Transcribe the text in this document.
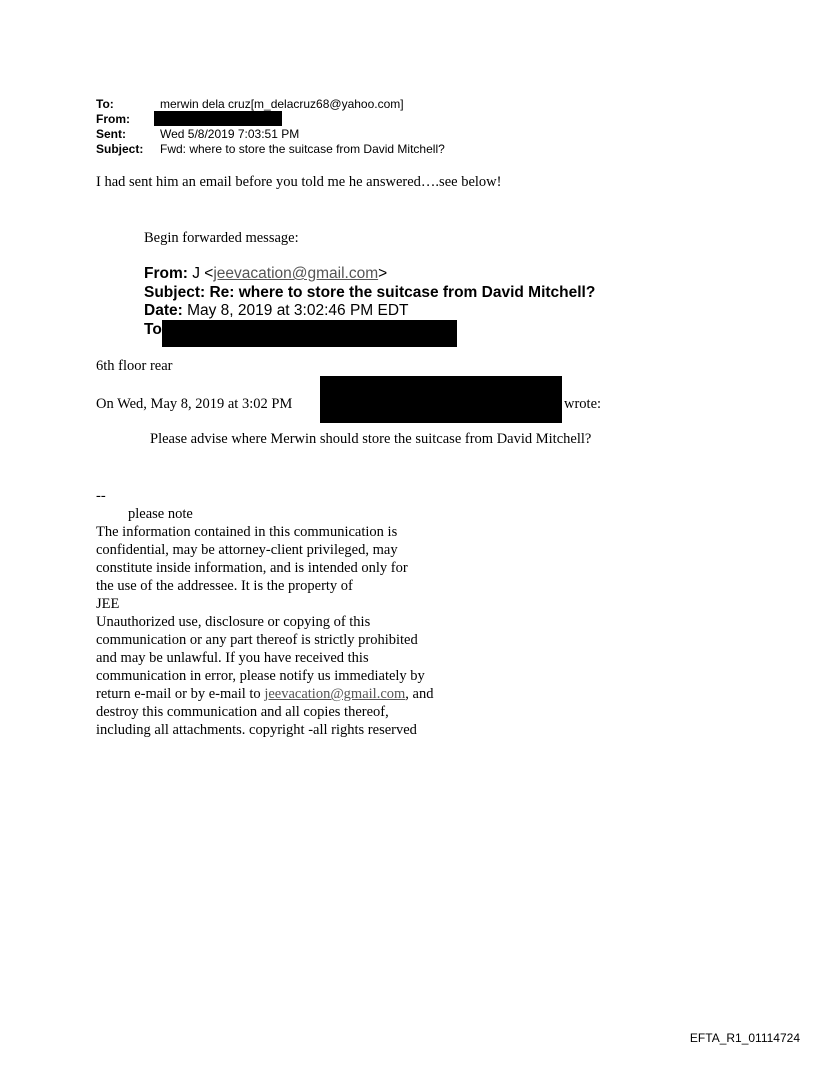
To:	merwin dela cruz[m_delacruz68@yahoo.com]
From:
Sent:	Wed 5/8/2019 7:03:51 PM
Subject: Fwd: where to store the suitcase from David Mitchell?
I had sent him an email before you told me he answered….see below!
Begin forwarded message:
From: J <jeevacation@gmail.com>
Subject: Re: where to store the suitcase from David Mitchell?
Date: May 8, 2019 at 3:02:46 PM EDT
To
6th floor rear
On Wed, May 8, 2019 at 3:02 PM	wrote:
Please advise where Merwin should store the suitcase from David Mitchell?
--
please note
The information contained in this communication is
confidential, may be attorney-client privileged, may
constitute inside information, and is intended only for
the use of the addressee. It is the property of
JEE
Unauthorized use, disclosure or copying of this
communication or any part thereof is strictly prohibited
and may be unlawful. If you have received this
communication in error, please notify us immediately by
return e-mail or by e-mail to jeevacation@gmail.com, and
destroy this communication and all copies thereof,
including all attachments. copyright -all rights reserved
EFTA_R1_01114724
